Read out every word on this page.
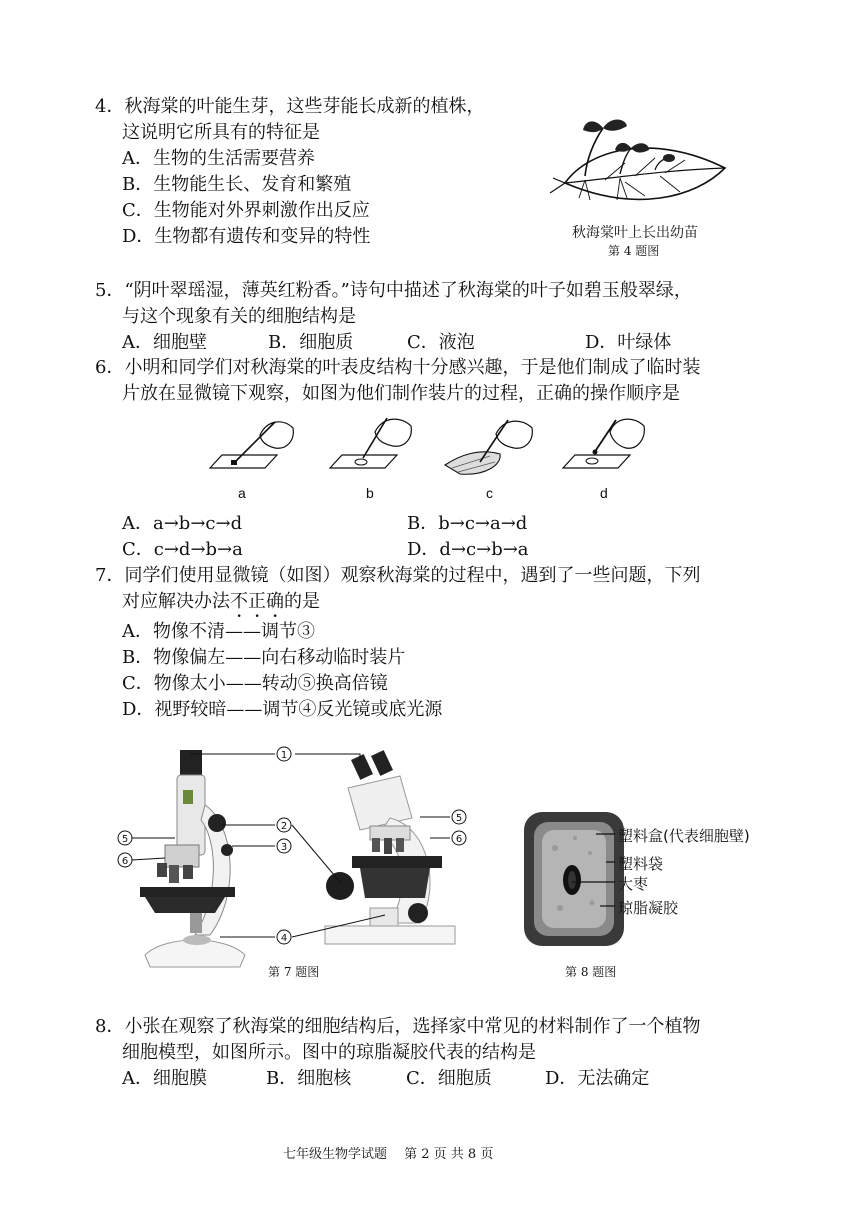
4．秋海棠的叶能生芽，这些芽能长成新的植株，
这说明它所具有的特征是
A．生物的生活需要营养
B．生物能生长、发育和繁殖
C．生物能对外界刺激作出反应
D．生物都有遗传和变异的特性	秋海棠叶上长出幼苗
第 4 题图
5．“阴叶翠瑶湿，薄英红粉香。”诗句中描述了秋海棠的叶子如碧玉般翠绿，
与这个现象有关的细胞结构是
A．细胞壁	B．细胞质	C．液泡	D．叶绿体
6．小明和同学们对秋海棠的叶表皮结构十分感兴趣，于是他们制成了临时装
片放在显微镜下观察，如图为他们制作装片的过程，正确的操作顺序是
a	b	c	d
A．a→b→c→d	B．b→c→a→d
C．c→d→b→a	D．d→c→b→a
7．同学们使用显微镜（如图）观察秋海棠的过程中，遇到了一些问题，下列
对应解决办法不正确的是
A．物像不清——调节③
B．物像偏左——向右移动临时装片
C．物像太小——转动⑤换高倍镜
D．视野较暗——调节④反光镜或底光源
1
2
3
4
5
6
5
6
第 7 题图
塑料盒(代表细胞壁)
塑料袋
大枣
琼脂凝胶
第 8 题图
8．小张在观察了秋海棠的细胞结构后，选择家中常见的材料制作了一个植物
细胞模型，如图所示。图中的琼脂凝胶代表的结构是
A．细胞膜	B．细胞核	C．细胞质	D．无法确定
七年级生物学试题　 第 2 页 共 8 页
